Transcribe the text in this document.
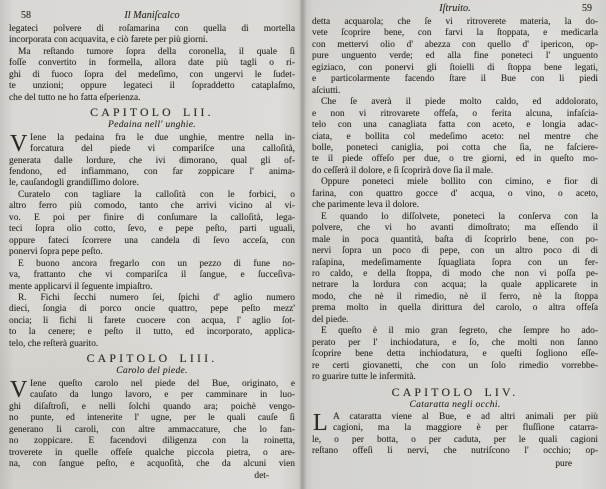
58	Il Maniſcalco
legateci polvere di roſamarina con quella di mortella
incorporata con acquavita, e ciò farete per più giorni.
Ma reſtando tumore ſopra della coronella, il quale ſi
foſſe convertito in formella, allora date più tagli o ri-
ghi di fuoco ſopra del medeſimo, con ungervi le ſudet-
te unzioni; oppure legateci il ſopraddetto cataplaſmo,
che del tutto ne ho fatta eſperienza.
CAPITOLO LII.
Pedaina nell' unghie.
V Iene la pedaina fra le due unghie, mentre nella in-
forcatura del piede vi compariſce una calloſità,
generata dalle lordure, che ivi dimorano, qual gli of-
fendono, ed infiammano, con far zoppicare l' anima-
le, cauſandogli grandiſſimo dolore.
Curatelo con tagliare la calloſità con le forbici, o
altro ferro più comodo, tanto che arrivi vicino al vi-
vo. E poi per finire di conſumare la calloſità, lega-
teci ſopra olio cotto, ſevo, e pepe peſto, parti uguali,
oppure fateci ſcorrere una candela di ſevo acceſa, con
ponervi ſopra pepe peſto.
E buono ancora fregarlo con un pezzo di fune no-
va, frattanto che vi compariſca il ſangue, e ſucceſiva-
mente applicarvi il ſeguente impiaſtro.
R. Fichi ſecchi numero ſei, ſpichi d' aglio numero
dieci, ſongia di porco oncie quattro, pepe peſto mezz'
oncia; li fichi li farete cuocere con acqua, l' aglio ſot-
to la cenere; e peſto il tutto, ed incorporato, applica-
telo, che reſterà guarito.
CAPITOLO LIII.
Carolo del piede.
V Iene queſto carolo nel piede del Bue, originato, e
cauſato da lungo lavoro, e per camminare in luo-
ghi diſaſtroſi, e nelli ſolchi quando ara; poichè vengo-
no punte, ed intenerite l' ugne, per le quali cauſe ſi
generano li caroli, con altre ammaccature, che lo fan-
no zoppicare. E facendovi diligenza con la roinetta,
troverete in quelle offeſe qualche piccola pietra, o are-
na, con ſangue peſto, e acquoſità, che da alcuni vien
det-
Iſtruito.	59
detta acquarola; che ſe vi ritroverete materia, la do-
vete ſcoprire bene, con farvi la ſtoppata, e medicarla
con mettervi olio d' abezza con quello d' ipericon, op-
pure unguento verde; ed alla fine poneteci l' unguento
egiziaco, con ponervi gli ſtoielli di ſtoppa bene legati,
e particolarmente facendo ſtare il Bue con li piedi
aſciutti.
Che ſe averà il piede molto caldo, ed addolorato,
e non vi ritrovarete offeſa, o ferita alcuna, infaſcia-
telo con una canagliata fatta con aceto, e longia adac-
ciata, e bollita col medeſimo aceto: nel mentre che
bolle, poneteci caniglia, poi cotta che ſia, ne faſciere-
te il piede offeſo per due, o tre giorni, ed in queſto mo-
do ceſſerà il dolore, e ſi ſcoprirà dove ſia il male.
Oppure poneteci miele bollito con cimino, e fior di
farina, con quattro gocce d' acqua, o vino, o aceto,
che parimente leva il dolore.
E quando lo diſſolvete, poneteci la conſerva con la
polvere, che vi ho avanti dimoſtrato; ma eſſendo il
male in poca quantità, baſta di ſcoprirlo bene, con po-
nervi ſopra un poco di pepe, con un altro poco di di
raſapina, medeſimamente ſquagliata ſopra con un fer-
ro caldo, e della ſtoppa, di modo che non vi poſſa pe-
netrare la lordura con acqua; la quale applicarete in
modo, che nè il rimedio, nè il ferro, nè la ſtoppa
prema molto in quella dirittura del carolo, o altra offeſa
del piede.
E queſto è il mio gran ſegreto, che ſempre ho ado-
perato per l' inchiodatura, e ſo, che molti non ſanno
ſcoprire bene detta inchiodatura, e queſti ſogliono eſſe-
re certi giovanetti, che con un ſolo rimedio vorrebbe-
ro guarire tutte le infermità.
CAPITOLO LIV.
Cataratta negli occhi.
L A cataratta viene al Bue, e ad altri animali per più
cagioni, ma la maggiore è per fluſſione catarra-
le, o per botta, o per caduta, per le quali cagioni
reſtano offeſi li nervi, che nutriſcono l' occhio; op-
pure
